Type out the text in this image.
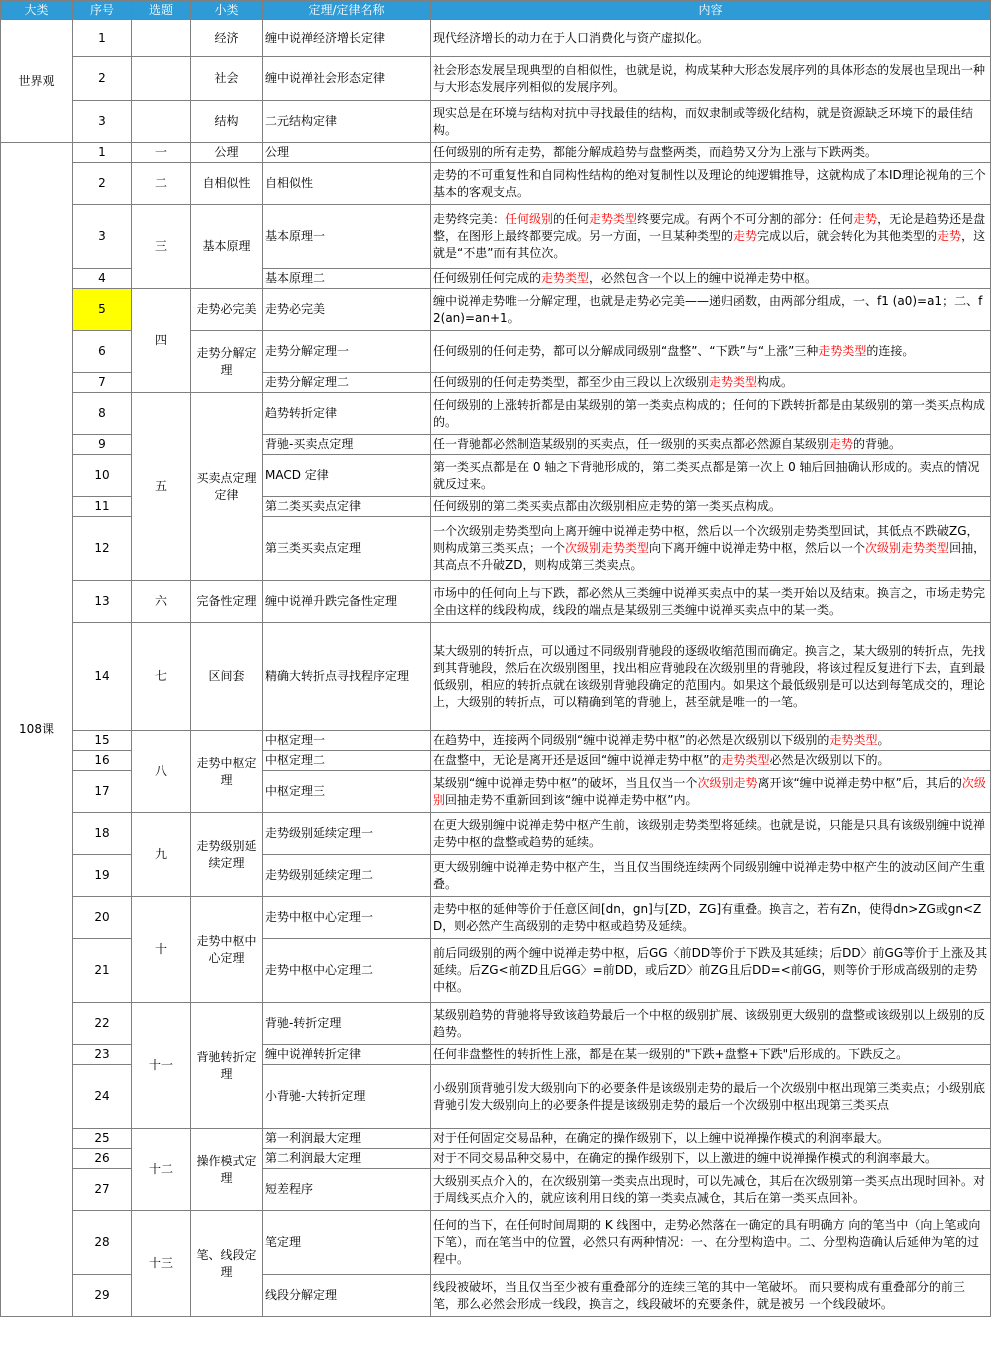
大类	序号	选题	小类	定理/定律名称	内容
世界观	1		经济	缠中说禅经济增长定律	现代经济增长的动力在于人口消费化与资产虚拟化。
	2		社会	缠中说禅社会形态定律	社会形态发展呈现典型的自相似性，也就是说，构成某种大形态发展序列的具体形态的发展也呈现出一种与大形态发展序列相似的发展序列。
	3		结构	二元结构定律	现实总是在环境与结构对抗中寻找最佳的结构，而奴隶制或等级化结构，就是资源缺乏环境下的最佳结构。
108课	1	一	公理	公理	任何级别的所有走势，都能分解成趋势与盘整两类，而趋势又分为上涨与下跌两类。
	2	二	自相似性	自相似性	走势的不可重复性和自同构性结构的绝对复制性以及理论的纯逻辑推导，这就构成了本ID理论视角的三个基本的客观支点。
	3	三	基本原理	基本原理一	走势终完美：任何级别的任何走势类型终要完成。有两个不可分割的部分：任何走势，无论是趋势还是盘整，在图形上最终都要完成。另一方面，一旦某种类型的走势完成以后，就会转化为其他类型的走势，这就是“不患”而有其位次。
	4			基本原理二	任何级别任何完成的走势类型，必然包含一个以上的缠中说禅走势中枢。
	5	四	走势必完美	走势必完美	缠中说禅走势唯一分解定理，也就是走势必完美——递归函数，由两部分组成，一、f1 (a0)=a1；二、f2(an)=an+1。
	6		走势分解定理	走势分解定理一	任何级别的任何走势，都可以分解成同级别“盘整”、“下跌”与“上涨”三种走势类型的连接。
	7			走势分解定理二	任何级别的任何走势类型，都至少由三段以上次级别走势类型构成。
	8	五	买卖点定理定律	趋势转折定律	任何级别的上涨转折都是由某级别的第一类卖点构成的；任何的下跌转折都是由某级别的第一类买点构成的。
	9			背驰-买卖点定理	任一背驰都必然制造某级别的买卖点，任一级别的买卖点都必然源自某级别走势的背驰。
	10			MACD 定律	第一类买点都是在 0 轴之下背驰形成的，第二类买点都是第一次上 0 轴后回抽确认形成的。卖点的情况就反过来。
	11			第二类买卖点定律	任何级别的第二类买卖点都由次级别相应走势的第一类买点构成。
	12			第三类买卖点定理	一个次级别走势类型向上离开缠中说禅走势中枢，然后以一个次级别走势类型回试，其低点不跌破ZG，则构成第三类买点；一个次级别走势类型向下离开缠中说禅走势中枢，然后以一个次级别走势类型回抽，其高点不升破ZD，则构成第三类卖点。
	13	六	完备性定理	缠中说禅升跌完备性定理	市场中的任何向上与下跌，都必然从三类缠中说禅买卖点中的某一类开始以及结束。换言之，市场走势完全由这样的线段构成，线段的端点是某级别三类缠中说禅买卖点中的某一类。
	14	七	区间套	精确大转折点寻找程序定理	某大级别的转折点，可以通过不同级别背驰段的逐级收缩范围而确定。换言之，某大级别的转折点，先找到其背驰段，然后在次级别图里，找出相应背驰段在次级别里的背驰段，将该过程反复进行下去，直到最低级别，相应的转折点就在该级别背驰段确定的范围内。如果这个最低级别是可以达到每笔成交的，理论上，大级别的转折点，可以精确到笔的背驰上，甚至就是唯一的一笔。
	15	八	走势中枢定理	中枢定理一	在趋势中，连接两个同级别“缠中说禅走势中枢”的必然是次级别以下级别的走势类型。
	16			中枢定理二	在盘整中，无论是离开还是返回“缠中说禅走势中枢”的走势类型必然是次级别以下的。
	17			中枢定理三	某级别“缠中说禅走势中枢”的破坏，当且仅当一个次级别走势离开该“缠中说禅走势中枢”后，其后的次级别回抽走势不重新回到该“缠中说禅走势中枢”内。
	18	九	走势级别延续定理	走势级别延续定理一	在更大级别缠中说禅走势中枢产生前，该级别走势类型将延续。也就是说，只能是只具有该级别缠中说禅走势中枢的盘整或趋势的延续。
	19			走势级别延续定理二	更大级别缠中说禅走势中枢产生，当且仅当围绕连续两个同级别缠中说禅走势中枢产生的波动区间产生重叠。
	20	十	走势中枢中心定理	走势中枢中心定理一	走势中枢的延伸等价于任意区间[dn，gn]与[ZD，ZG]有重叠。换言之，若有Zn，使得dn>ZG或gn<ZD，则必然产生高级别的走势中枢或趋势及延续。
	21			走势中枢中心定理二	前后同级别的两个缠中说禅走势中枢，后GG〈前DD等价于下跌及其延续；后DD〉前GG等价于上涨及其延续。后ZG<前ZD且后GG〉=前DD，或后ZD〉前ZG且后DD=<前GG，则等价于形成高级别的走势中枢。
	22	十一	背驰转折定理	背驰-转折定理	某级别趋势的背驰将导致该趋势最后一个中枢的级别扩展、该级别更大级别的盘整或该级别以上级别的反趋势。
	23			缠中说禅转折定律	任何非盘整性的转折性上涨，都是在某一级别的"下跌+盘整+下跌"后形成的。下跌反之。
	24			小背驰-大转折定理	小级别顶背驰引发大级别向下的必要条件是该级别走势的最后一个次级别中枢出现第三类卖点；小级别底背驰引发大级别向上的必要条件提是该级别走势的最后一个次级别中枢出现第三类买点
	25	十二	操作模式定理	第一利润最大定理	对于任何固定交易品种，在确定的操作级别下，以上缠中说禅操作模式的利润率最大。
	26			第二利润最大定理	对于不同交易品种交易中，在确定的操作级别下，以上激进的缠中说禅操作模式的利润率最大。
	27			短差程序	大级别买点介入的，在次级别第一类卖点出现时，可以先减仓，其后在次级别第一类买点出现时回补。对于周线买点介入的，就应该利用日线的第一类卖点减仓，其后在第一类买点回补。
	28	十三	笔、线段定理	笔定理	任何的当下，在任何时间周期的 K 线图中，走势必然落在一确定的具有明确方 向的笔当中（向上笔或向下笔），而在笔当中的位置，必然只有两种情况：一、在分型构造中。二、分型构造确认后延伸为笔的过程中。
	29			线段分解定理	线段被破坏，当且仅当至少被有重叠部分的连续三笔的其中一笔破坏。 而只要构成有重叠部分的前三笔，那么必然会形成一线段，换言之，线段破坏的充要条件，就是被另 一个线段破坏。
